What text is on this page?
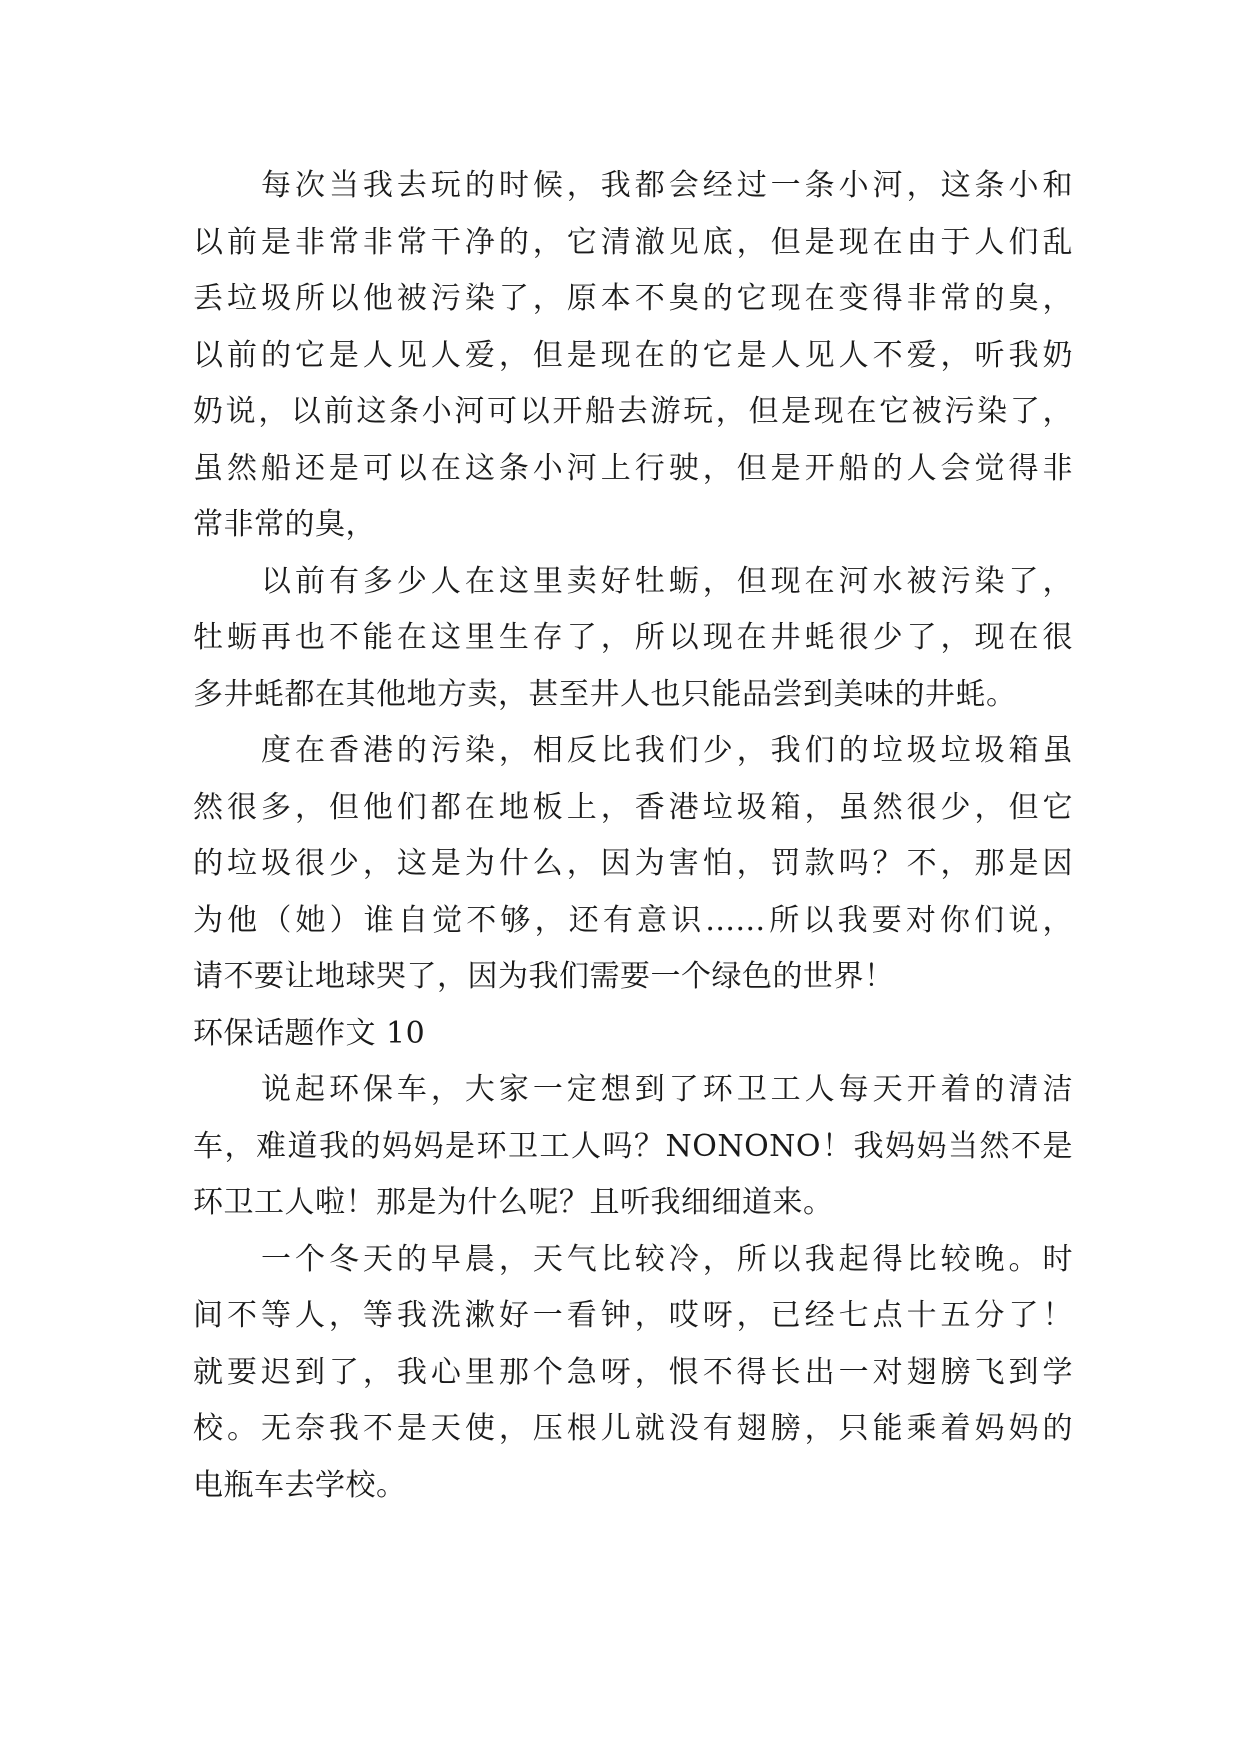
每次当我去玩的时候，我都会经过一条小河，这条小和
以前是非常非常干净的，它清澈见底，但是现在由于人们乱
丢垃圾所以他被污染了，原本不臭的它现在变得非常的臭，
以前的它是人见人爱，但是现在的它是人见人不爱，听我奶
奶说，以前这条小河可以开船去游玩，但是现在它被污染了，
虽然船还是可以在这条小河上行驶，但是开船的人会觉得非
常非常的臭，
以前有多少人在这里卖好牡蛎，但现在河水被污染了，
牡蛎再也不能在这里生存了，所以现在井蚝很少了，现在很
多井蚝都在其他地方卖，甚至井人也只能品尝到美味的井蚝。
度在香港的污染，相反比我们少，我们的垃圾垃圾箱虽
然很多，但他们都在地板上，香港垃圾箱，虽然很少，但它
的垃圾很少，这是为什么，因为害怕，罚款吗？不，那是因
为他（她）谁自觉不够，还有意识......所以我要对你们说，
请不要让地球哭了，因为我们需要一个绿色的世界！
环保话题作文 10
说起环保车，大家一定想到了环卫工人每天开着的清洁
车，难道我的妈妈是环卫工人吗？NONONO！我妈妈当然不是
环卫工人啦！那是为什么呢？且听我细细道来。
一个冬天的早晨，天气比较冷，所以我起得比较晚。时
间不等人，等我洗漱好一看钟，哎呀，已经七点十五分了！
就要迟到了，我心里那个急呀，恨不得长出一对翅膀飞到学
校。无奈我不是天使，压根儿就没有翅膀，只能乘着妈妈的
电瓶车去学校。
